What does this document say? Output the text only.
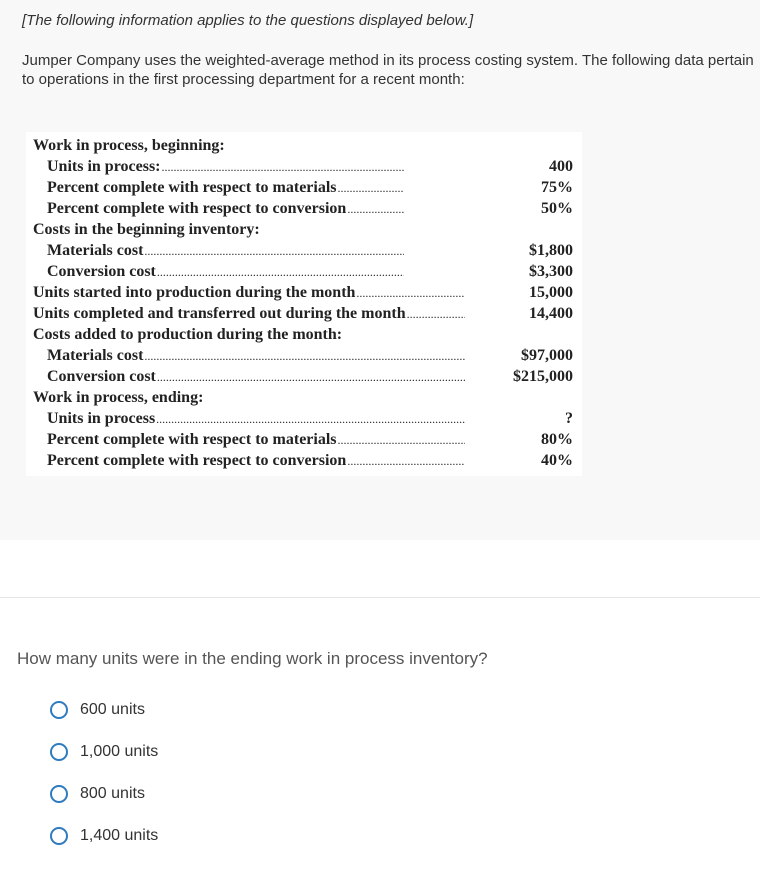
[The following information applies to the questions displayed below.]
Jumper Company uses the weighted-average method in its process costing system. The following data pertain to operations in the first processing department for a recent month:
Work in process, beginning:
Units in process: .....	400
Percent complete with respect to materials .....	75%
Percent complete with respect to conversion .....	50%
Costs in the beginning inventory:
Materials cost .....	$1,800
Conversion cost .....	$3,300
Units started into production during the month .....	15,000
Units completed and transferred out during the month .....	14,400
Costs added to production during the month:
Materials cost .....	$97,000
Conversion cost .....	$215,000
Work in process, ending:
Units in process .....	?
Percent complete with respect to materials .....	80%
Percent complete with respect to conversion .....	40%
How many units were in the ending work in process inventory?
600 units
1,000 units
800 units
1,400 units
